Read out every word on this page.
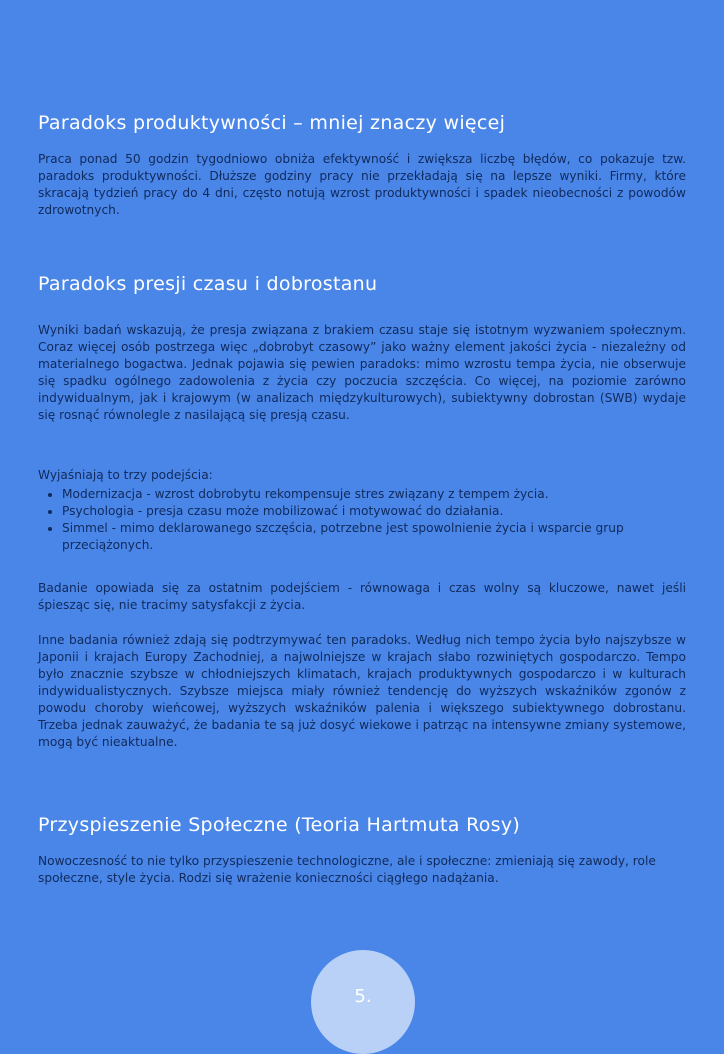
Paradoks produktywności – mniej znaczy więcej

Praca ponad 50 godzin tygodniowo obniża efektywność i zwiększa liczbę błędów, co pokazuje tzw. paradoks produktywności. Dłuższe godziny pracy nie przekładają się na lepsze wyniki. Firmy, które skracają tydzień pracy do 4 dni, często notują wzrost produktywności i spadek nieobecności z powodów zdrowotnych.

Paradoks presji czasu i dobrostanu

Wyniki badań wskazują, że presja związana z brakiem czasu staje się istotnym wyzwaniem społecznym. Coraz więcej osób postrzega więc „dobrobyt czasowy” jako ważny element jakości życia - niezależny od materialnego bogactwa. Jednak pojawia się pewien paradoks: mimo wzrostu tempa życia, nie obserwuje się spadku ogólnego zadowolenia z życia czy poczucia szczęścia. Co więcej, na poziomie zarówno indywidualnym, jak i krajowym (w analizach międzykulturowych), subiektywny dobrostan (SWB) wydaje się rosnąć równolegle z nasilającą się presją czasu.

Wyjaśniają to trzy podejścia:

• Modernizacja - wzrost dobrobytu rekompensuje stres związany z tempem życia.
• Psychologia - presja czasu może mobilizować i motywować do działania.
• Simmel - mimo deklarowanego szczęścia, potrzebne jest spowolnienie życia i wsparcie grup przeciążonych.

Badanie opowiada się za ostatnim podejściem - równowaga i czas wolny są kluczowe, nawet jeśli śpiesząc się, nie tracimy satysfakcji z życia.

Inne badania również zdają się podtrzymywać ten paradoks. Według nich tempo życia było najszybsze w Japonii i krajach Europy Zachodniej, a najwolniejsze w krajach słabo rozwiniętych gospodarczo. Tempo było znacznie szybsze w chłodniejszych klimatach, krajach produktywnych gospodarczo i w kulturach indywidualistycznych. Szybsze miejsca miały również tendencję do wyższych wskaźników zgonów z powodu choroby wieńcowej, wyższych wskaźników palenia i większego subiektywnego dobrostanu. Trzeba jednak zauważyć, że badania te są już dosyć wiekowe i patrząc na intensywne zmiany systemowe, mogą być nieaktualne.

Przyspieszenie Społeczne (Teoria Hartmuta Rosy)

Nowoczesność to nie tylko przyspieszenie technologiczne, ale i społeczne: zmieniają się zawody, role społeczne, style życia. Rodzi się wrażenie konieczności ciągłego nadążania.

5.
